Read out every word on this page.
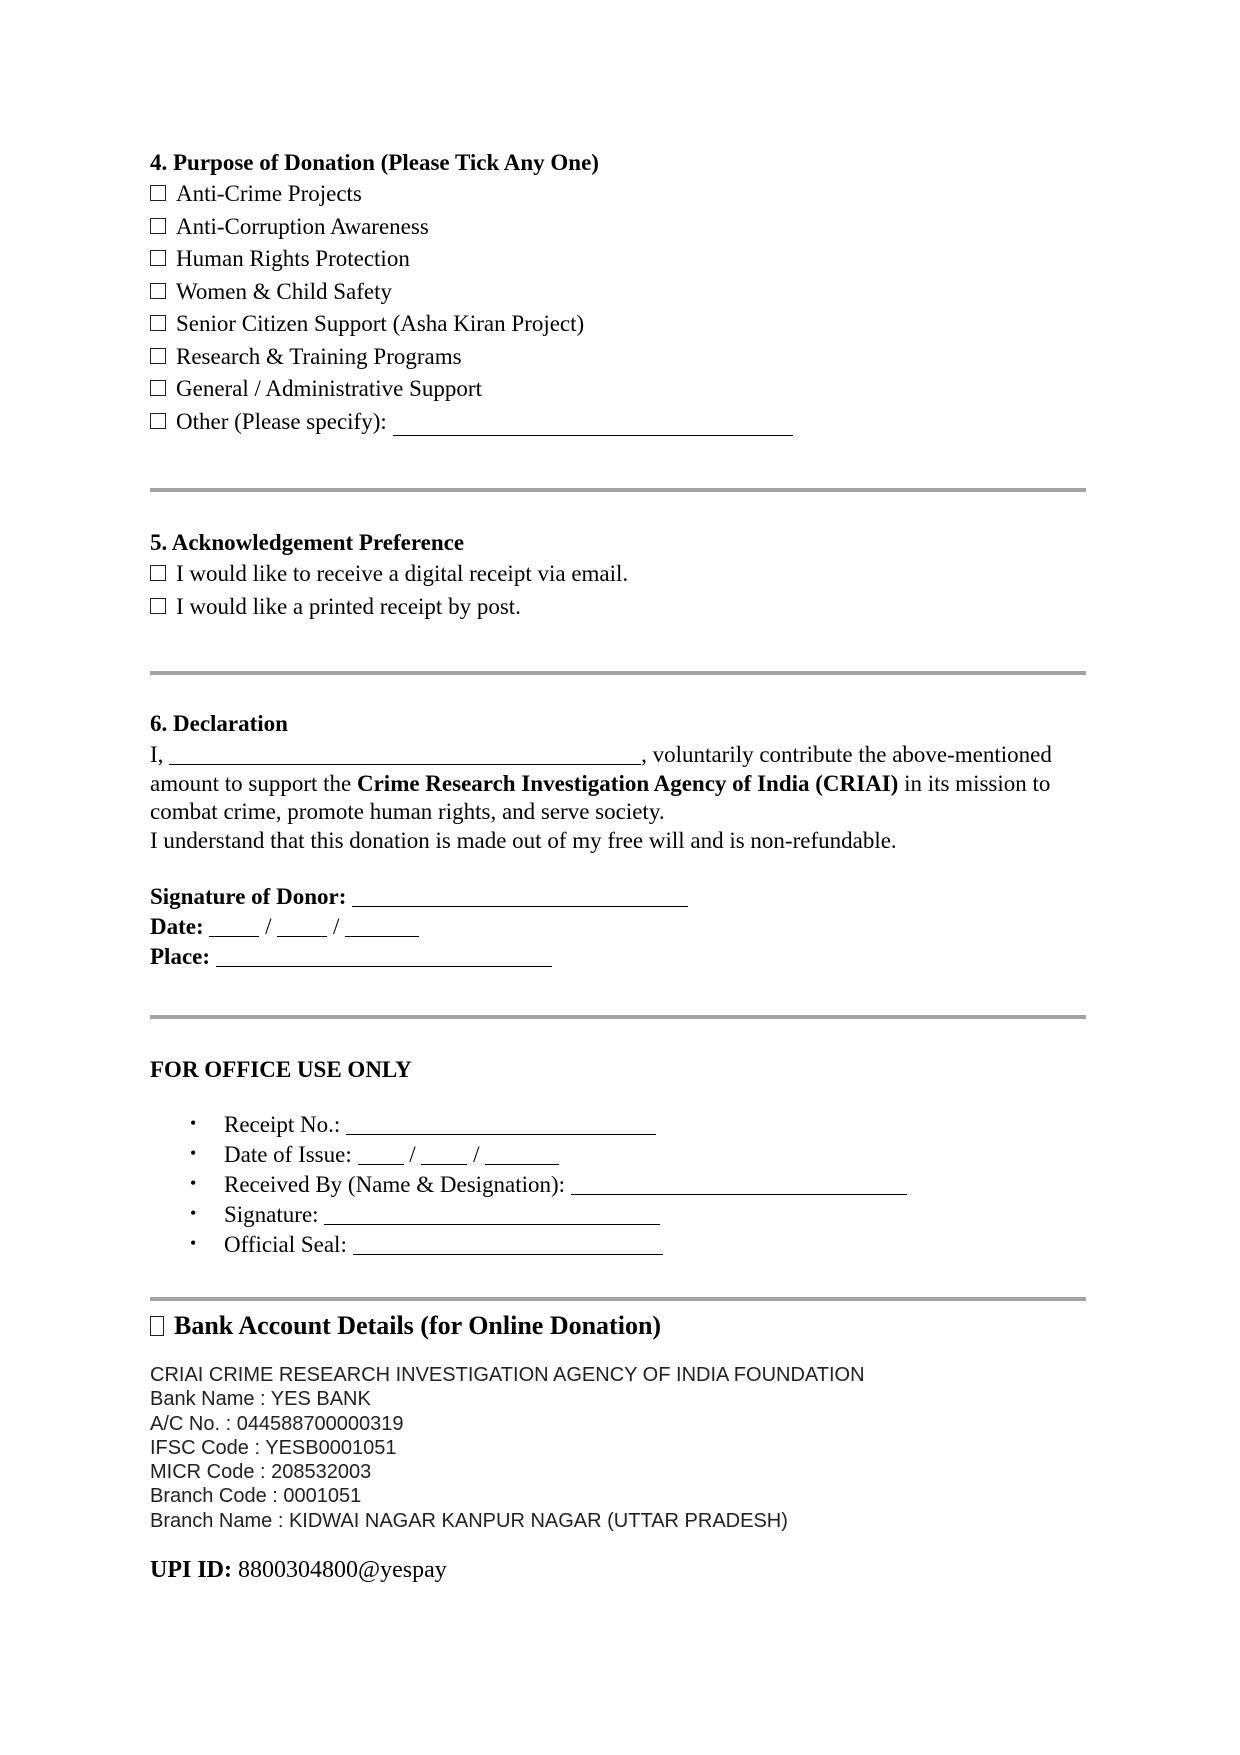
4. Purpose of Donation (Please Tick Any One)
Anti-Crime Projects
Anti-Corruption Awareness
Human Rights Protection
Women & Child Safety
Senior Citizen Support (Asha Kiran Project)
Research & Training Programs
General / Administrative Support
Other (Please specify):

5. Acknowledgement Preference
I would like to receive a digital receipt via email.
I would like a printed receipt by post.
6. Declaration
I,	, voluntarily contribute the above-mentioned amount to support the Crime Research Investigation Agency of India (CRIAI) in its mission to combat crime, promote human rights, and serve society.
I understand that this donation is made out of my free will and is non-refundable.
Signature of Donor:
Date:	/	/
Place:
FOR OFFICE USE ONLY
• Receipt No.:
• Date of Issue:	/	/
• Received By (Name & Designation):
• Signature:
• Official Seal:
Bank Account Details (for Online Donation)
CRIAI CRIME RESEARCH INVESTIGATION AGENCY OF INDIA FOUNDATION
Bank Name : YES BANK
A/C No. : 044588700000319
IFSC Code : YESB0001051
MICR Code : 208532003
Branch Code : 0001051
Branch Name : KIDWAI NAGAR KANPUR NAGAR (UTTAR PRADESH)
UPI ID: 8800304800@yespay
